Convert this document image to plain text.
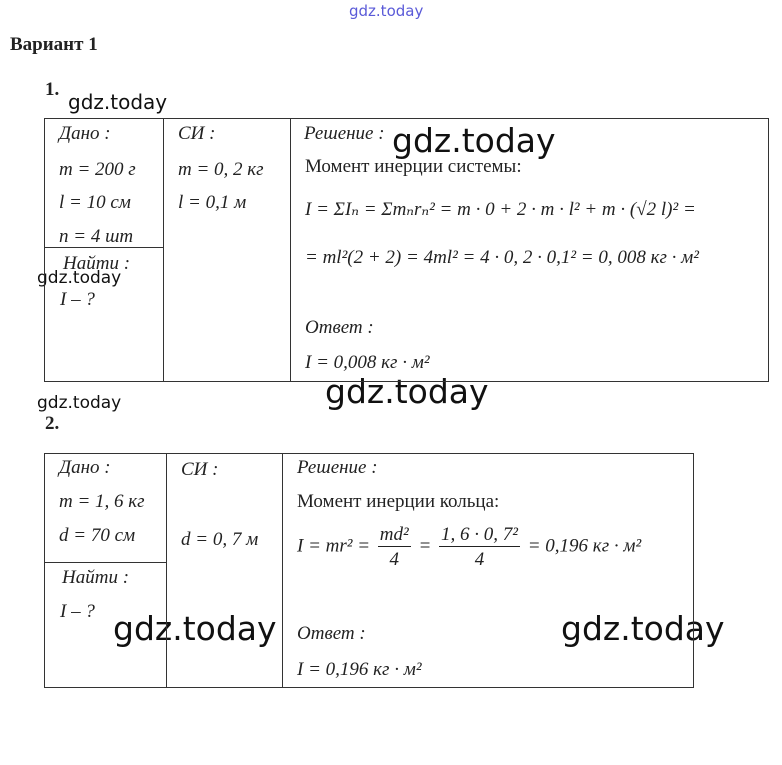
gdz.today
gdz.today
gdz.today
gdz.today
gdz.today
gdz.today
gdz.today	gdz.today
Вариант 1
1.
Дано :
m = 200 г
l = 10 см
n = 4 шт
Найти :
I – ?
СИ :
m = 0, 2 кг
l = 0,1 м
Решение :
Момент инерции системы:
I = ΣIₙ = Σmₙrₙ² = m · 0 + 2 · m · l² + m · (√2 l)² =
= ml²(2 + 2) = 4ml² = 4 · 0, 2 · 0,1² = 0, 008 кг · м²
Ответ :
I = 0,008 кг · м²
2.
Дано :
m = 1, 6 кг
d = 70 см
Найти :
I – ?
СИ :
d = 0, 7 м
Решение :
Момент инерции кольца:
$I = mr^2 = \frac{\text{md²}}{4} = \frac{\text{1, 6 · 0, 7²}}{4} = 0,196$ кг · м²
Ответ :
I = 0,196 кг · м²
